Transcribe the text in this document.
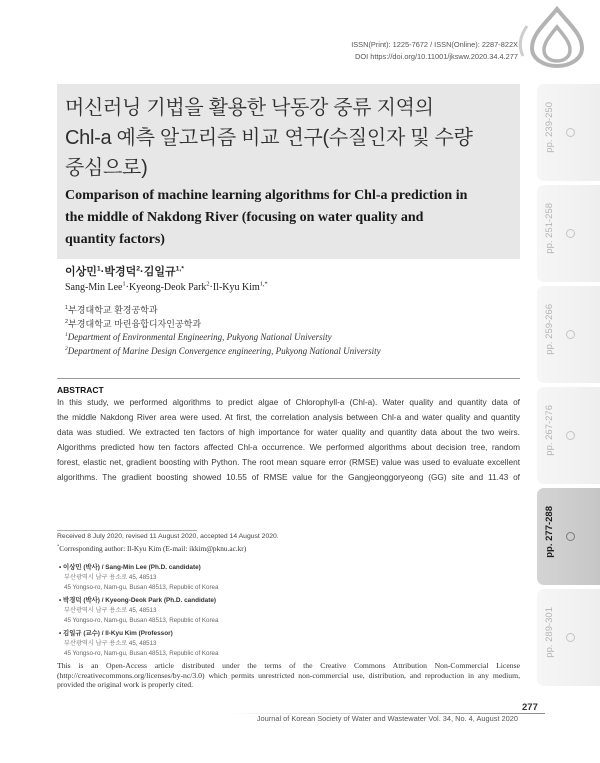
ISSN(Print): 1225-7672 / ISSN(Online): 2287-822X
DOI https://doi.org/10.11001/jksww.2020.34.4.277
머신러닝 기법을 활용한 낙동강 중류 지역의
Chl-a 예측 알고리즘 비교 연구(수질인자 및 수량
중심으로)
Comparison of machine learning algorithms for Chl-a prediction in
the middle of Nakdong River (focusing on water quality and
quantity factors)
이상민$^1$·박경덕$^2$·김일규$^{1,*}$
Sang-Min Lee$^1$·Kyeong-Deok Park$^2$·Il-Kyu Kim$^{1,*}$
$^1$부경대학교 환경공학과
$^2$부경대학교 마린융합디자인공학과
$^1$Department of Environmental Engineering, Pukyong National University
$^2$Department of Marine Design Convergence engineering, Pukyong National University
ABSTRACT
In this study, we performed algorithms to predict algae of Chlorophyll-a (Chl-a). Water quality and quantity data of
the middle Nakdong River area were used. At first, the correlation analysis between Chl-a and water quality and quantity
data was studied. We extracted ten factors of high importance for water quality and quantity data about the two weirs.
Algorithms predicted how ten factors affected Chl-a occurrence. We performed algorithms about decision tree, random
forest, elastic net, gradient boosting with Python. The root mean square error (RMSE) value was used to evaluate excellent
algorithms. The gradient boosting showed 10.55 of RMSE value for the Gangjeonggoryeong (GG) site and 11.43 of
Received 8 July 2020, revised 11 August 2020, accepted 14 August 2020.
*Corresponding author: Il-Kyu Kim (E-mail: ikkim@pknu.ac.kr)
• 이상민 (박사) / Sang-Min Lee (Ph.D. candidate)
부산광역시 남구 용소로 45, 48513
45 Yongso-ro, Nam-gu, Busan 48513, Republic of Korea
• 박경덕 (박사) / Kyeong-Deok Park (Ph.D. candidate)
부산광역시 남구 용소로 45, 48513
45 Yongso-ro, Nam-gu, Busan 48513, Republic of Korea
• 김일규 (교수) / Il-Kyu Kim (Professor)
부산광역시 남구 용소로 45, 48513
45 Yongso-ro, Nam-gu, Busan 48513, Republic of Korea
This is an Open-Access article distributed under the terms of the Creative Commons Attribution Non-Commercial License
(http://creativecommons.org/licenses/by-nc/3.0) which permits unrestricted non-commercial use, distribution, and reproduction in any medium,
provided the original work is properly cited.
277
Journal of Korean Society of Water and Wastewater Vol. 34, No. 4, August 2020
pp. 239-250
pp. 251-258
pp. 259-266
pp. 267-276
pp. 277-288
pp. 289-301
